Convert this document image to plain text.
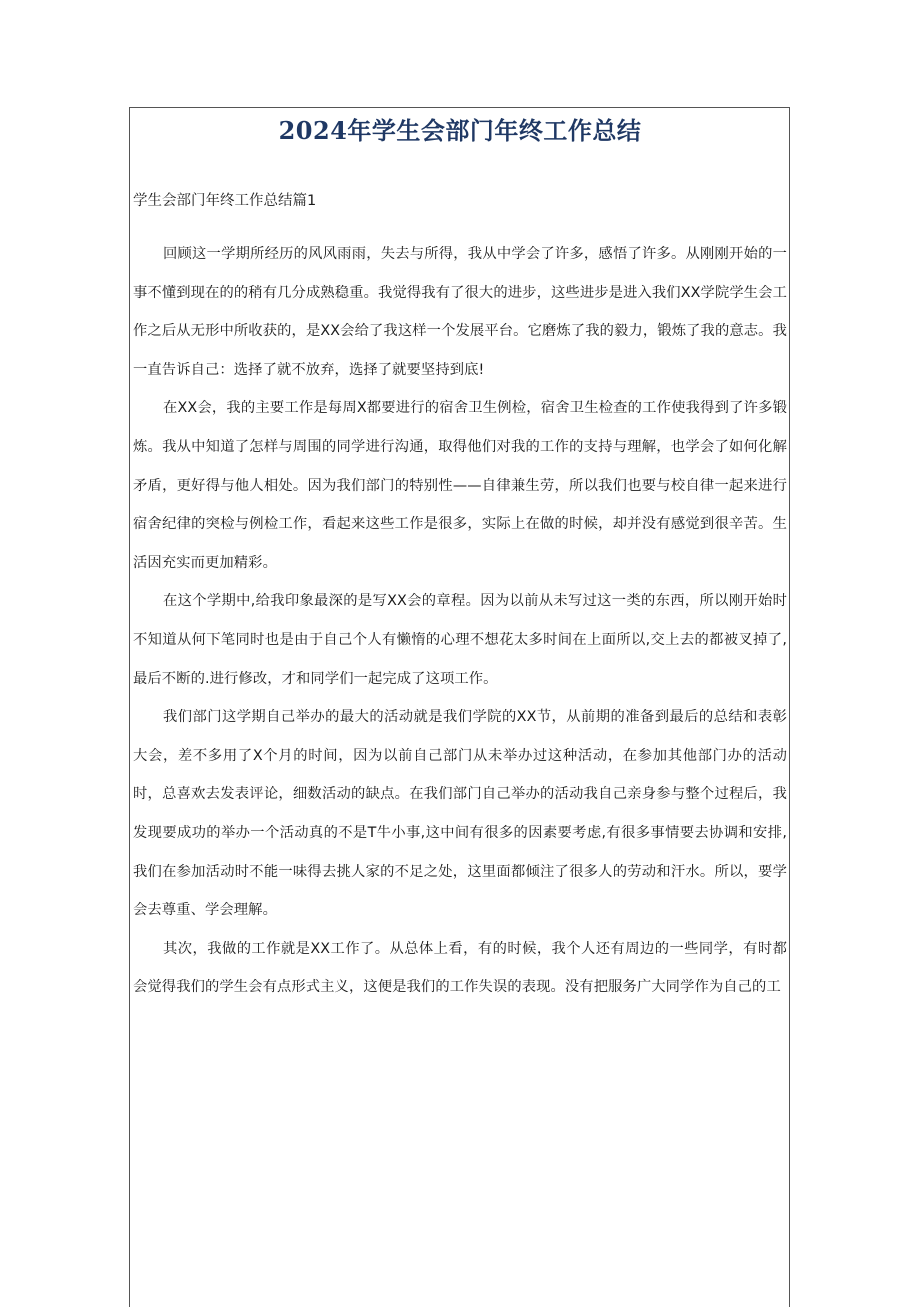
2024年学生会部门年终工作总结
学生会部门年终工作总结篇1

回顾这一学期所经历的风风雨雨，失去与所得，我从中学会了许多，感悟了许多。从刚刚开始的一事不懂到现在的的稍有几分成熟稳重。我觉得我有了很大的进步，这些进步是进入我们XX学院学生会工作之后从无形中所收获的，是XX会给了我这样一个发展平台。它磨炼了我的毅力，锻炼了我的意志。我一直告诉自己：选择了就不放弃，选择了就要坚持到底!

在XX会，我的主要工作是每周X都要进行的宿舍卫生例检，宿舍卫生检查的工作使我得到了许多锻炼。我从中知道了怎样与周围的同学进行沟通，取得他们对我的工作的支持与理解，也学会了如何化解矛盾，更好得与他人相处。因为我们部门的特别性——自律兼生劳，所以我们也要与校自律一起来进行宿舍纪律的突检与例检工作，看起来这些工作是很多，实际上在做的时候，却并没有感觉到很辛苦。生活因充实而更加精彩。

在这个学期中,给我印象最深的是写XX会的章程。因为以前从未写过这一类的东西，所以刚开始时不知道从何下笔同时也是由于自己个人有懒惰的心理不想花太多时间在上面所以,交上去的都被叉掉了,最后不断的.进行修改，才和同学们一起完成了这项工作。

我们部门这学期自己举办的最大的活动就是我们学院的XX节，从前期的准备到最后的总结和表彰大会，差不多用了X个月的时间，因为以前自己部门从未举办过这种活动，在参加其他部门办的活动时，总喜欢去发表评论，细数活动的缺点。在我们部门自己举办的活动我自己亲身参与整个过程后，我发现要成功的举办一个活动真的不是T牛小事,这中间有很多的因素要考虑,有很多事情要去协调和安排,我们在参加活动时不能一味得去挑人家的不足之处，这里面都倾注了很多人的劳动和汗水。所以，要学会去尊重、学会理解。

其次，我做的工作就是XX工作了。从总体上看，有的时候，我个人还有周边的一些同学，有时都会觉得我们的学生会有点形式主义，这便是我们的工作失误的表现。没有把服务广大同学作为自己的工
